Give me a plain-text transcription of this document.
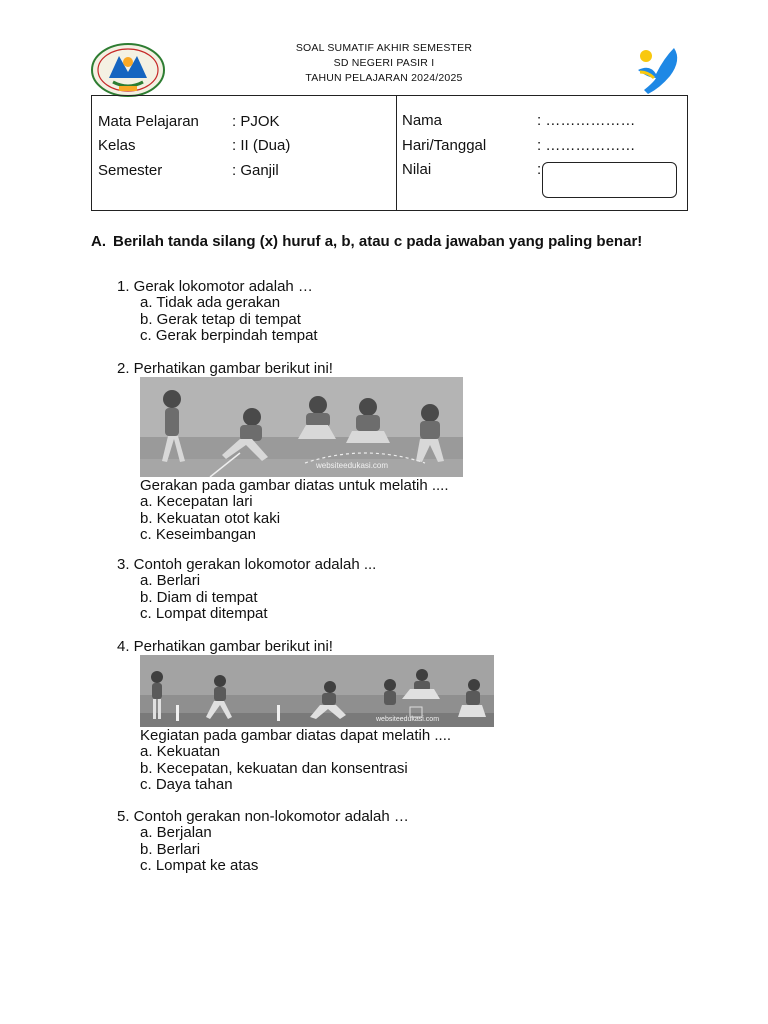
SOAL SUMATIF AKHIR SEMESTER
SD NEGERI PASIR I
TAHUN PELAJARAN 2024/2025
Mata Pelajaran : PJOK
Kelas	: II (Dua)
Semester	: Ganjil
Nama	: ………………
Hari/Tanggal	: ………………
Nilai	:
A. Berilah tanda silang (x) huruf a, b, atau c pada jawaban yang paling benar!
1. Gerak lokomotor adalah …
a. Tidak ada gerakan
b. Gerak tetap di tempat
c. Gerak berpindah tempat
2. Perhatikan gambar berikut ini!
websiteedukasi.com
Gerakan pada gambar diatas untuk melatih ....
a. Kecepatan lari
b. Kekuatan otot kaki
c. Keseimbangan
3. Contoh gerakan lokomotor adalah ...
a. Berlari
b. Diam di tempat
c. Lompat ditempat
4. Perhatikan gambar berikut ini!
websiteedukasi.com
Kegiatan pada gambar diatas dapat melatih ....
a. Kekuatan
b. Kecepatan, kekuatan dan konsentrasi
c. Daya tahan
5. Contoh gerakan non-lokomotor adalah …
a. Berjalan
b. Berlari
c. Lompat ke atas
